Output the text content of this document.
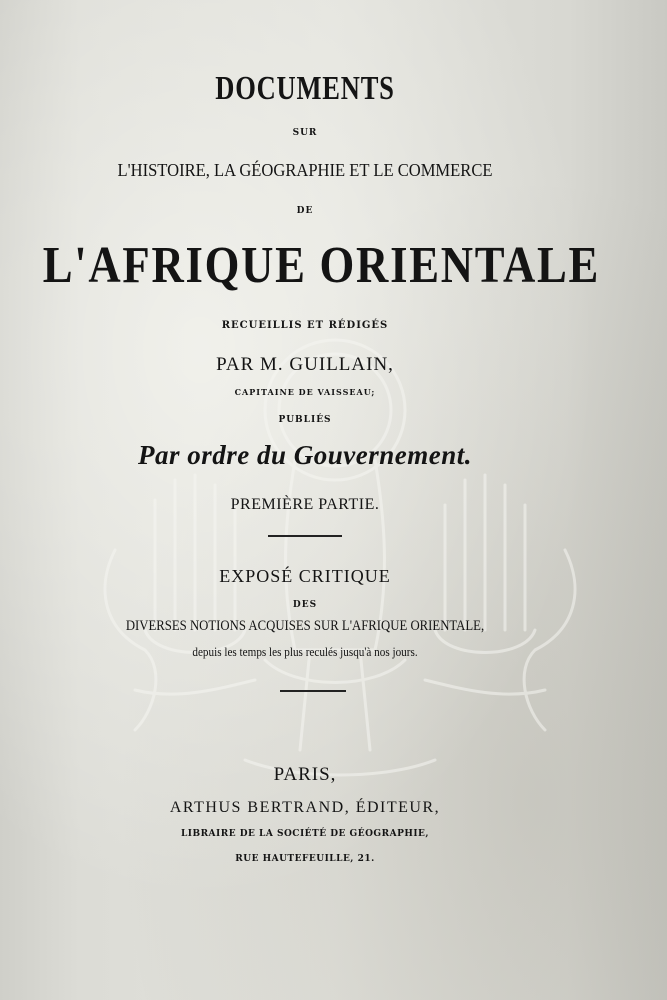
DOCUMENTS
SUR
L'HISTOIRE, LA GÉOGRAPHIE ET LE COMMERCE
DE
L'AFRIQUE ORIENTALE
RECUEILLIS ET RÉDIGÉS
PAR M. GUILLAIN,
CAPITAINE DE VAISSEAU;
PUBLIÉS
Par ordre du Gouvernement.
PREMIÈRE PARTIE.
EXPOSÉ CRITIQUE
DES
DIVERSES NOTIONS ACQUISES SUR L'AFRIQUE ORIENTALE,
depuis les temps les plus reculés jusqu'à nos jours.
PARIS,
ARTHUS BERTRAND, ÉDITEUR,
LIBRAIRE DE LA SOCIÉTÉ DE GÉOGRAPHIE,
RUE HAUTEFEUILLE, 21.
